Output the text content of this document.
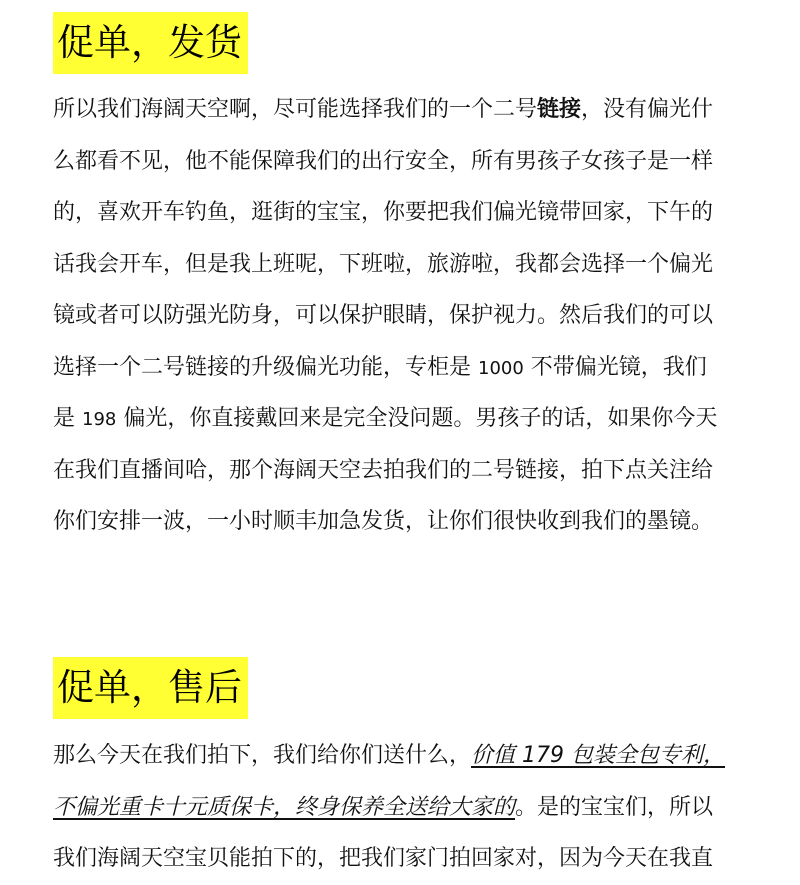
促单，发货
所以我们海阔天空啊，尽可能选择我们的一个二号链接，没有偏光什
么都看不见，他不能保障我们的出行安全，所有男孩子女孩子是一样
的，喜欢开车钓鱼，逛街的宝宝，你要把我们偏光镜带回家，下午的
话我会开车，但是我上班呢，下班啦，旅游啦，我都会选择一个偏光
镜或者可以防强光防身，可以保护眼睛，保护视力。然后我们的可以
选择一个二号链接的升级偏光功能，专柜是 1000 不带偏光镜，我们
是 198 偏光，你直接戴回来是完全没问题。男孩子的话，如果你今天
在我们直播间哈，那个海阔天空去拍我们的二号链接，拍下点关注给
你们安排一波，一小时顺丰加急发货，让你们很快收到我们的墨镜。
促单，售后
那么今天在我们拍下，我们给你们送什么，价值 179 包装全包专利，
不偏光重卡十元质保卡，终身保养全送给大家的。是的宝宝们，所以
我们海阔天空宝贝能拍下的，把我们家门拍回家对，因为今天在我直
